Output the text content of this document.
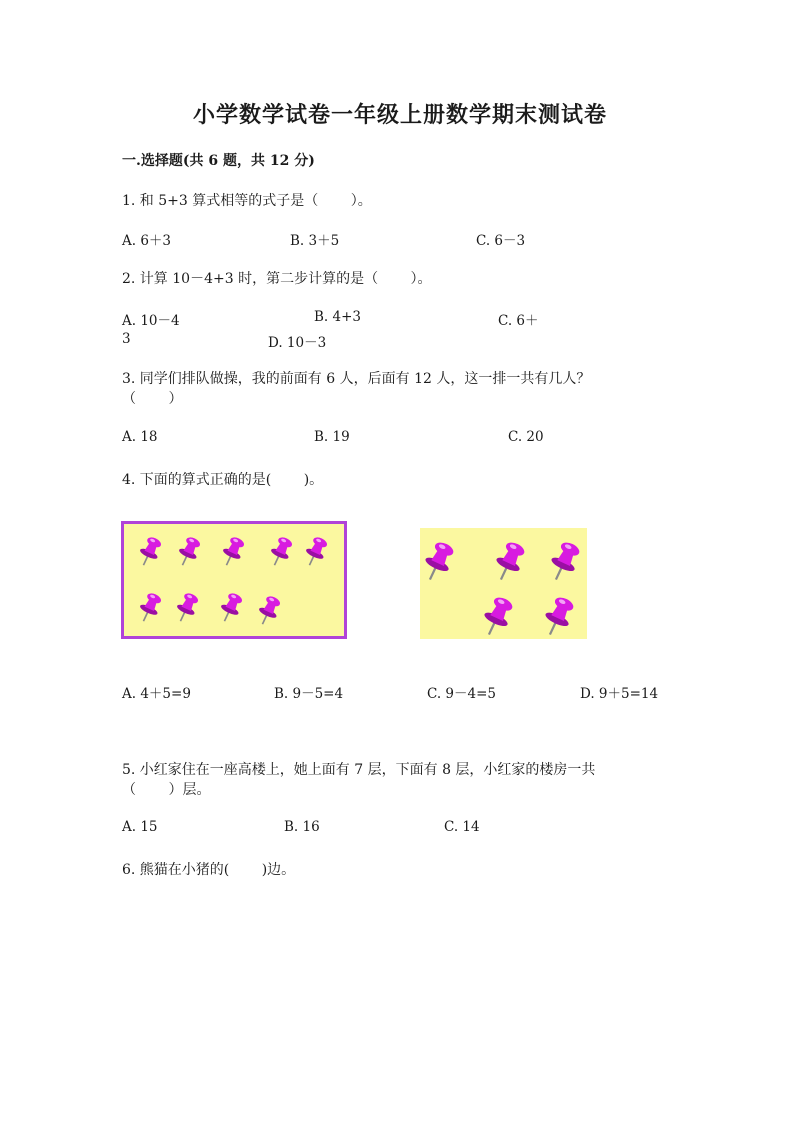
小学数学试卷一年级上册数学期末测试卷
一.选择题(共 6 题，共 12 分)
1. 和 5+3 算式相等的式子是（　　 ）。
A. 6＋3	B. 3＋5	C. 6－3
2. 计算 10－4+3 时，第二步计算的是（　　 ）。
A. 10－4	B. 4+3	C. 6＋
3	D. 10－3
3. 同学们排队做操，我的前面有 6 人，后面有 12 人，这一排一共有几人？
（　　 ）
A. 18	B. 19	C. 20
4. 下面的算式正确的是(　　 )。
A. 4＋5=9	B. 9－5=4	C. 9－4=5	D. 9＋5=14
5. 小红家住在一座高楼上，她上面有 7 层，下面有 8 层，小红家的楼房一共
（　　 ）层。
A. 15	B. 16	C. 14
6. 熊猫在小猪的(　　 )边。
